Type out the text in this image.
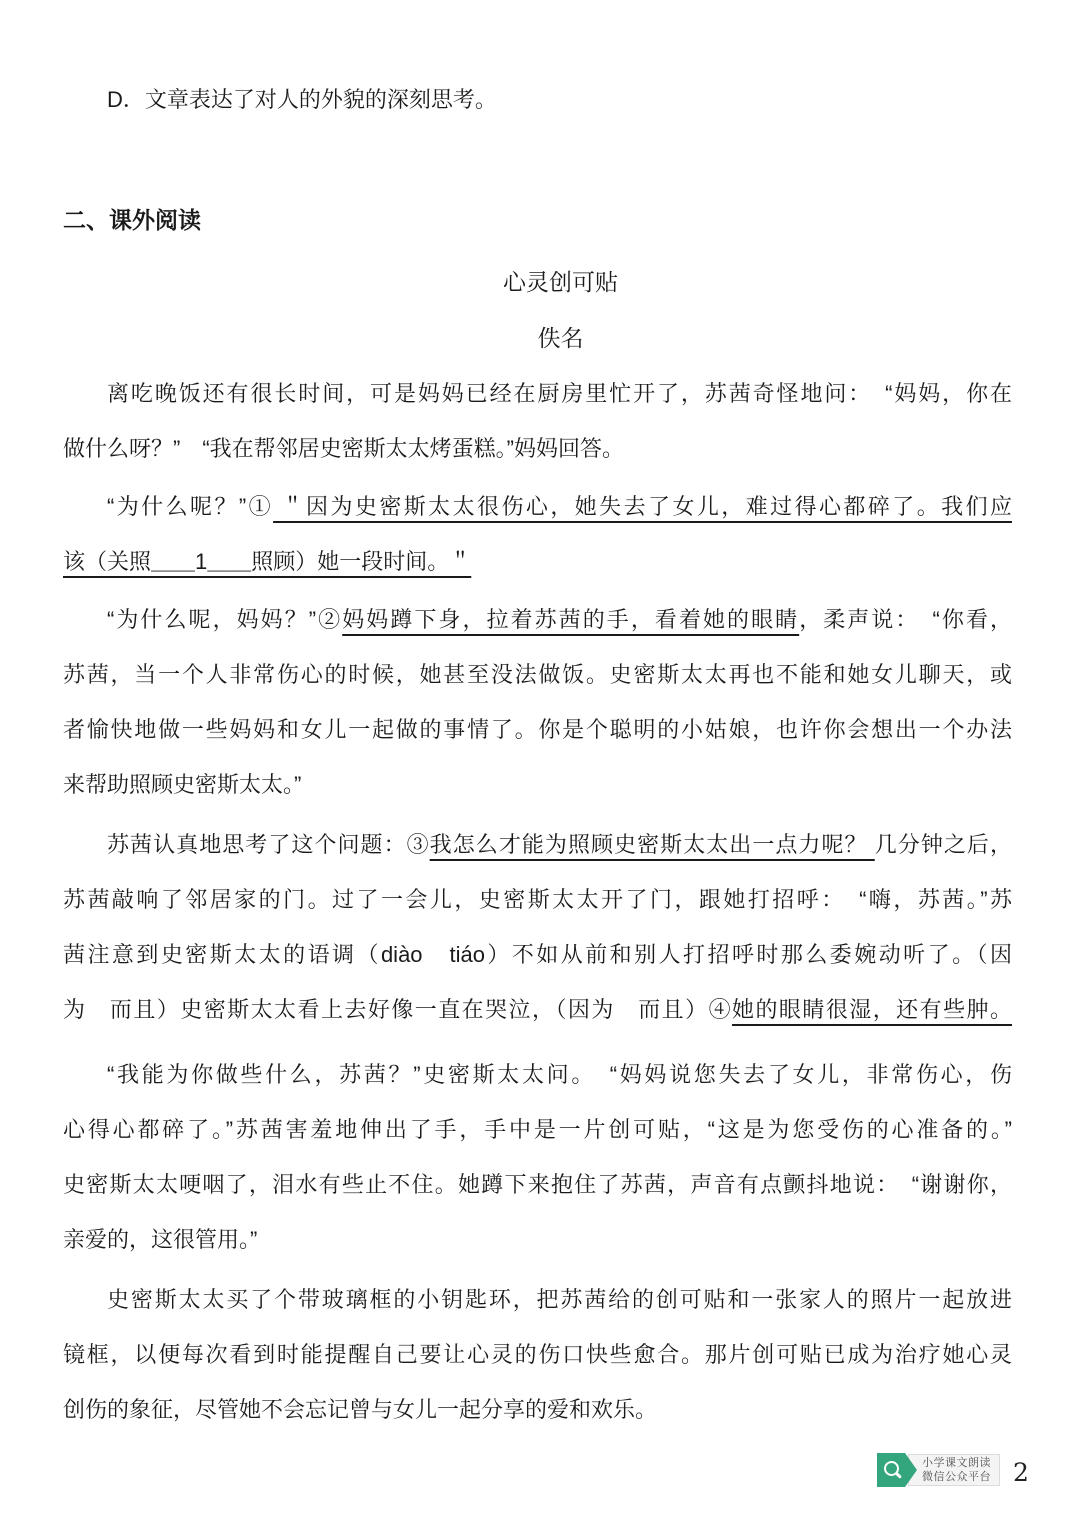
D．文章表达了对人的外貌的深刻思考。
二、课外阅读
心灵创可贴
佚名
离吃晚饭还有很长时间，可是妈妈已经在厨房里忙开了，苏茜奇怪地问：　“妈妈，你在
做什么呀？”　“我在帮邻居史密斯太太烤蛋糕。”妈妈回答。
“为什么呢？”① ＂因为史密斯太太很伤心，她失去了女儿，难过得心都碎了。我们应
该（关照＿＿1＿＿照顾）她一段时间。＂
“为什么呢，妈妈？”②妈妈蹲下身，拉着苏茜的手，看着她的眼睛，柔声说：　“你看，
苏茜，当一个人非常伤心的时候，她甚至没法做饭。史密斯太太再也不能和她女儿聊天，或
者愉快地做一些妈妈和女儿一起做的事情了。你是个聪明的小姑娘，也许你会想出一个办法
来帮助照顾史密斯太太。”
苏茜认真地思考了这个问题：③我怎么才能为照顾史密斯太太出一点力呢？ 几分钟之后，
苏茜敲响了邻居家的门。过了一会儿，史密斯太太开了门，跟她打招呼：　“嗨，苏茜。”苏
茜注意到史密斯太太的语调（diào　tiáo）不如从前和别人打招呼时那么委婉动听了。（因
为　而且）史密斯太太看上去好像一直在哭泣，（因为　而且）④她的眼睛很湿，还有些肿。
“我能为你做些什么，苏茜？”史密斯太太问。　“妈妈说您失去了女儿，非常伤心，伤
心得心都碎了。”苏茜害羞地伸出了手，手中是一片创可贴，“这是为您受伤的心准备的。”
史密斯太太哽咽了，泪水有些止不住。她蹲下来抱住了苏茜，声音有点颤抖地说：　“谢谢你，
亲爱的，这很管用。”
史密斯太太买了个带玻璃框的小钥匙环，把苏茜给的创可贴和一张家人的照片一起放进
镜框，以便每次看到时能提醒自己要让心灵的伤口快些愈合。那片创可贴已成为治疗她心灵
创伤的象征，尽管她不会忘记曾与女儿一起分享的爱和欢乐。
小学课文朗读
微信公众平台 2
